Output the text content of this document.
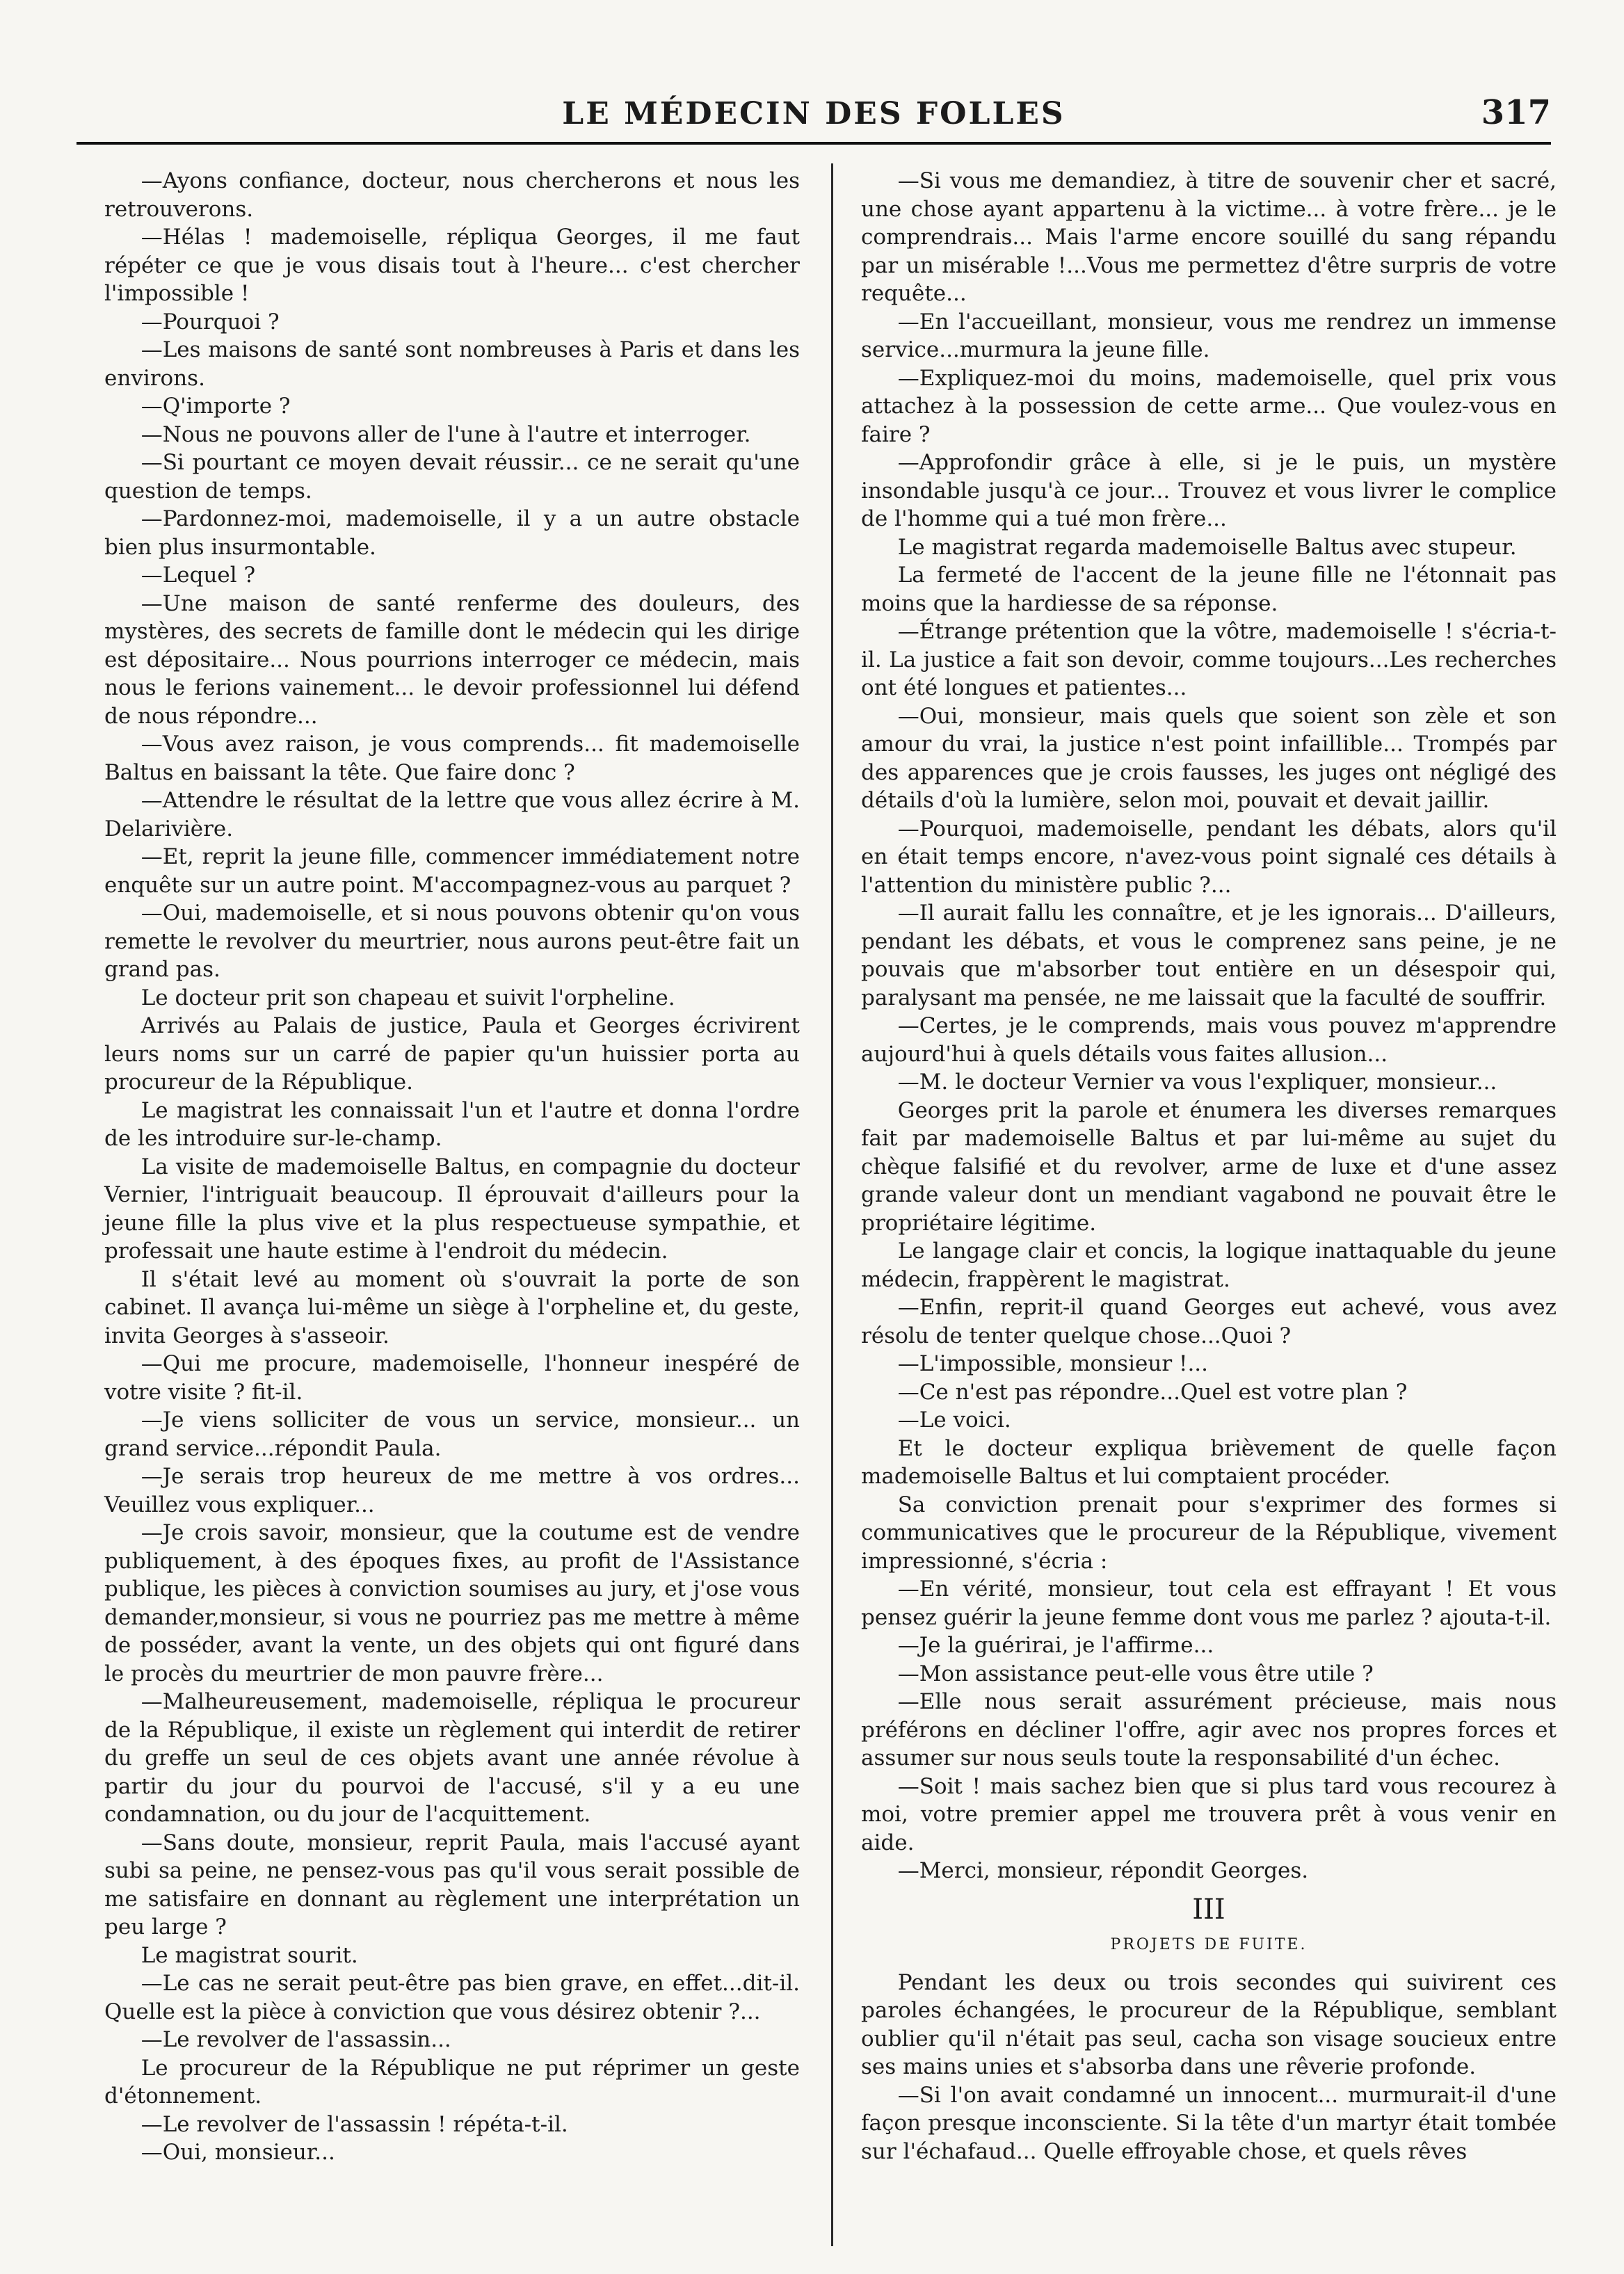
LE MÉDECIN DES FOLLES	317

—Ayons confiance, docteur, nous chercherons et nous les retrouverons.

—Hélas ! mademoiselle, répliqua Georges, il me faut répéter ce que je vous disais tout à l'heure... c'est chercher l'impossible !

—Pourquoi ?

—Les maisons de santé sont nombreuses à Paris et dans les environs.

—Q'importe ?

—Nous ne pouvons aller de l'une à l'autre et interroger.

—Si pourtant ce moyen devait réussir... ce ne serait qu'une question de temps.

—Pardonnez-moi, mademoiselle, il y a un autre obstacle bien plus insurmontable.

—Lequel ?

—Une maison de santé renferme des douleurs, des mystères, des secrets de famille dont le médecin qui les dirige est dépositaire... Nous pourrions interroger ce médecin, mais nous le ferions vainement... le devoir professionnel lui défend de nous répondre...

—Vous avez raison, je vous comprends... fit mademoiselle Baltus en baissant la tête. Que faire donc ?

—Attendre le résultat de la lettre que vous allez écrire à M. Delarivière.

—Et, reprit la jeune fille, commencer immédiatement notre enquête sur un autre point. M'accompagnez-vous au parquet ?

—Oui, mademoiselle, et si nous pouvons obtenir qu'on vous remette le revolver du meurtrier, nous aurons peut-être fait un grand pas.

Le docteur prit son chapeau et suivit l'orpheline.

Arrivés au Palais de justice, Paula et Georges écrivirent leurs noms sur un carré de papier qu'un huissier porta au procureur de la République.

Le magistrat les connaissait l'un et l'autre et donna l'ordre de les introduire sur-le-champ.

La visite de mademoiselle Baltus, en compagnie du docteur Vernier, l'intriguait beaucoup. Il éprouvait d'ailleurs pour la jeune fille la plus vive et la plus respectueuse sympathie, et professait une haute estime à l'endroit du médecin.

Il s'était levé au moment où s'ouvrait la porte de son cabinet. Il avança lui-même un siège à l'orpheline et, du geste, invita Georges à s'asseoir.

—Qui me procure, mademoiselle, l'honneur inespéré de votre visite ? fit-il.

—Je viens solliciter de vous un service, monsieur... un grand service...répondit Paula.

—Je serais trop heureux de me mettre à vos ordres... Veuillez vous expliquer...

—Je crois savoir, monsieur, que la coutume est de vendre publiquement, à des époques fixes, au profit de l'Assistance publique, les pièces à conviction soumises au jury, et j'ose vous demander,monsieur, si vous ne pourriez pas me mettre à même de posséder, avant la vente, un des objets qui ont figuré dans le procès du meurtrier de mon pauvre frère...

—Malheureusement, mademoiselle, répliqua le procureur de la République, il existe un règlement qui interdit de retirer du greffe un seul de ces objets avant une année révolue à partir du jour du pourvoi de l'accusé, s'il y a eu une condamnation, ou du jour de l'acquittement.

—Sans doute, monsieur, reprit Paula, mais l'accusé ayant subi sa peine, ne pensez-vous pas qu'il vous serait possible de me satisfaire en donnant au règlement une interprétation un peu large ?

Le magistrat sourit.

—Le cas ne serait peut-être pas bien grave, en effet...dit-il. Quelle est la pièce à conviction que vous désirez obtenir ?...

—Le revolver de l'assassin...

Le procureur de la République ne put réprimer un geste d'étonnement.

—Le revolver de l'assassin ! répéta-t-il.

—Oui, monsieur...

—Si vous me demandiez, à titre de souvenir cher et sacré, une chose ayant appartenu à la victime... à votre frère... je le comprendrais... Mais l'arme encore souillé du sang répandu par un misérable !...Vous me permettez d'être surpris de votre requête...

—En l'accueillant, monsieur, vous me rendrez un immense service...murmura la jeune fille.

—Expliquez-moi du moins, mademoiselle, quel prix vous attachez à la possession de cette arme... Que voulez-vous en faire ?

—Approfondir grâce à elle, si je le puis, un mystère insondable jusqu'à ce jour... Trouvez et vous livrer le complice de l'homme qui a tué mon frère...

Le magistrat regarda mademoiselle Baltus avec stupeur.

La fermeté de l'accent de la jeune fille ne l'étonnait pas moins que la hardiesse de sa réponse.

—Étrange prétention que la vôtre, mademoiselle ! s'écria-t-il. La justice a fait son devoir, comme toujours...Les recherches ont été longues et patientes...

—Oui, monsieur, mais quels que soient son zèle et son amour du vrai, la justice n'est point infaillible... Trompés par des apparences que je crois fausses, les juges ont négligé des détails d'où la lumière, selon moi, pouvait et devait jaillir.

—Pourquoi, mademoiselle, pendant les débats, alors qu'il en était temps encore, n'avez-vous point signalé ces détails à l'attention du ministère public ?...

—Il aurait fallu les connaître, et je les ignorais... D'ailleurs, pendant les débats, et vous le comprenez sans peine, je ne pouvais que m'absorber tout entière en un désespoir qui, paralysant ma pensée, ne me laissait que la faculté de souffrir.

—Certes, je le comprends, mais vous pouvez m'apprendre aujourd'hui à quels détails vous faites allusion...

—M. le docteur Vernier va vous l'expliquer, monsieur...

Georges prit la parole et énumera les diverses remarques fait par mademoiselle Baltus et par lui-même au sujet du chèque falsifié et du revolver, arme de luxe et d'une assez grande valeur dont un mendiant vagabond ne pouvait être le propriétaire légitime.

Le langage clair et concis, la logique inattaquable du jeune médecin, frappèrent le magistrat.

—Enfin, reprit-il quand Georges eut achevé, vous avez résolu de tenter quelque chose...Quoi ?

—L'impossible, monsieur !...

—Ce n'est pas répondre...Quel est votre plan ?

—Le voici.

Et le docteur expliqua brièvement de quelle façon mademoiselle Baltus et lui comptaient procéder.

Sa conviction prenait pour s'exprimer des formes si communicatives que le procureur de la République, vivement impressionné, s'écria :

—En vérité, monsieur, tout cela est effrayant ! Et vous pensez guérir la jeune femme dont vous me parlez ? ajouta-t-il.

—Je la guérirai, je l'affirme...

—Mon assistance peut-elle vous être utile ?

—Elle nous serait assurément précieuse, mais nous préférons en décliner l'offre, agir avec nos propres forces et assumer sur nous seuls toute la responsabilité d'un échec.

—Soit ! mais sachez bien que si plus tard vous recourez à moi, votre premier appel me trouvera prêt à vous venir en aide.

—Merci, monsieur, répondit Georges.

III
PROJETS DE FUITE.

Pendant les deux ou trois secondes qui suivirent ces paroles échangées, le procureur de la République, semblant oublier qu'il n'était pas seul, cacha son visage soucieux entre ses mains unies et s'absorba dans une rêverie profonde.

—Si l'on avait condamné un innocent... murmurait-il d'une façon presque inconsciente. Si la tête d'un martyr était tombée sur l'échafaud... Quelle effroyable chose, et quels rêves
